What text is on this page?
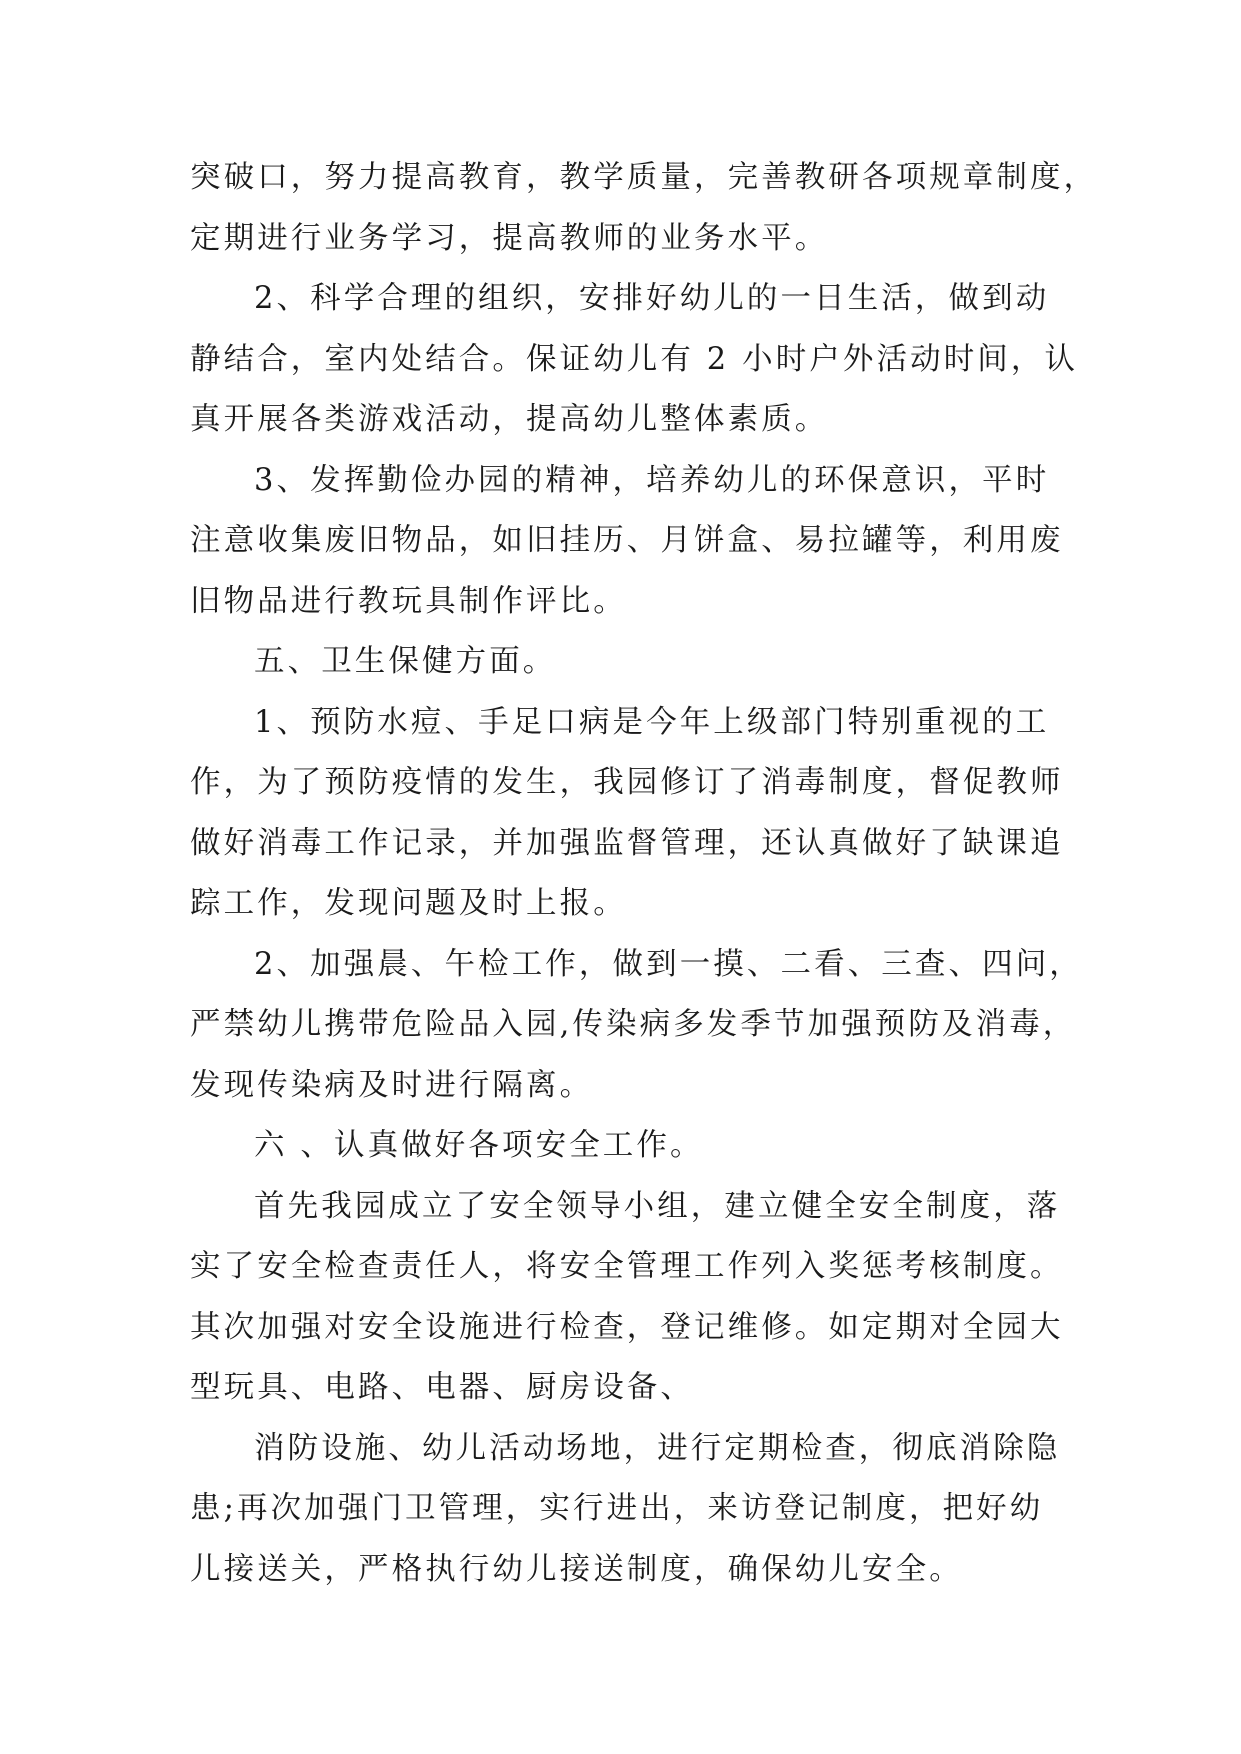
突破口，努力提高教育，教学质量，完善教研各项规章制度，
定期进行业务学习，提高教师的业务水平。
2、科学合理的组织，安排好幼儿的一日生活，做到动
静结合，室内处结合。保证幼儿有 2 小时户外活动时间，认
真开展各类游戏活动，提高幼儿整体素质。
3、发挥勤俭办园的精神，培养幼儿的环保意识，平时
注意收集废旧物品，如旧挂历、月饼盒、易拉罐等，利用废
旧物品进行教玩具制作评比。
五、卫生保健方面。
1、预防水痘、手足口病是今年上级部门特别重视的工
作，为了预防疫情的发生，我园修订了消毒制度，督促教师
做好消毒工作记录，并加强监督管理，还认真做好了缺课追
踪工作，发现问题及时上报。
2、加强晨、午检工作，做到一摸、二看、三查、四问，
严禁幼儿携带危险品入园,传染病多发季节加强预防及消毒，
发现传染病及时进行隔离。
六 、认真做好各项安全工作。
首先我园成立了安全领导小组，建立健全安全制度，落
实了安全检查责任人，将安全管理工作列入奖惩考核制度。
其次加强对安全设施进行检查，登记维修。如定期对全园大
型玩具、电路、电器、厨房设备、
消防设施、幼儿活动场地，进行定期检查，彻底消除隐
患;再次加强门卫管理，实行进出，来访登记制度，把好幼
儿接送关，严格执行幼儿接送制度，确保幼儿安全。
